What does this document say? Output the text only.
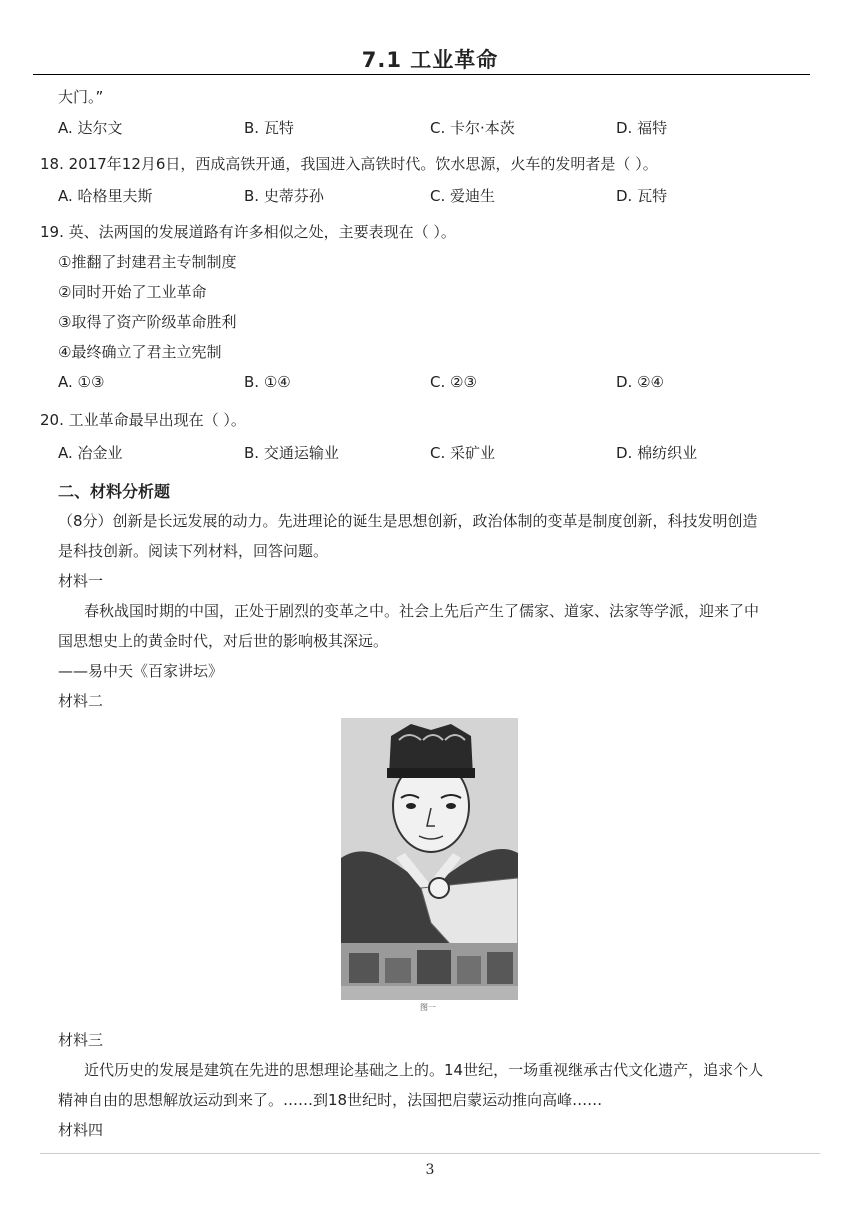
7.1 工业革命
大门。”
A. 达尔文	B. 瓦特	C. 卡尔·本茨	D. 福特
18. 2017年12月6日，西成高铁开通，我国进入高铁时代。饮水思源，火车的发明者是（ ）。
A. 哈格里夫斯	B. 史蒂芬孙	C. 爱迪生	D. 瓦特
19. 英、法两国的发展道路有许多相似之处，主要表现在（ ）。
①推翻了封建君主专制制度
②同时开始了工业革命
③取得了资产阶级革命胜利
④最终确立了君主立宪制
A. ①③	B. ①④	C. ②③	D. ②④
20. 工业革命最早出现在（ ）。
A. 冶金业	B. 交通运输业	C. 采矿业	D. 棉纺织业
二、材料分析题
（8分）创新是长远发展的动力。先进理论的诞生是思想创新，政治体制的变革是制度创新，科技发明创造
是科技创新。阅读下列材料，回答问题。
材料一
春秋战国时期的中国，正处于剧烈的变革之中。社会上先后产生了儒家、道家、法家等学派，迎来了中
国思想史上的黄金时代，对后世的影响极其深远。
——易中天《百家讲坛》
材料二
图一
材料三
近代历史的发展是建筑在先进的思想理论基础之上的。14世纪，一场重视继承古代文化遗产，追求个人
精神自由的思想解放运动到来了。……到18世纪时，法国把启蒙运动推向高峰……
材料四
3
